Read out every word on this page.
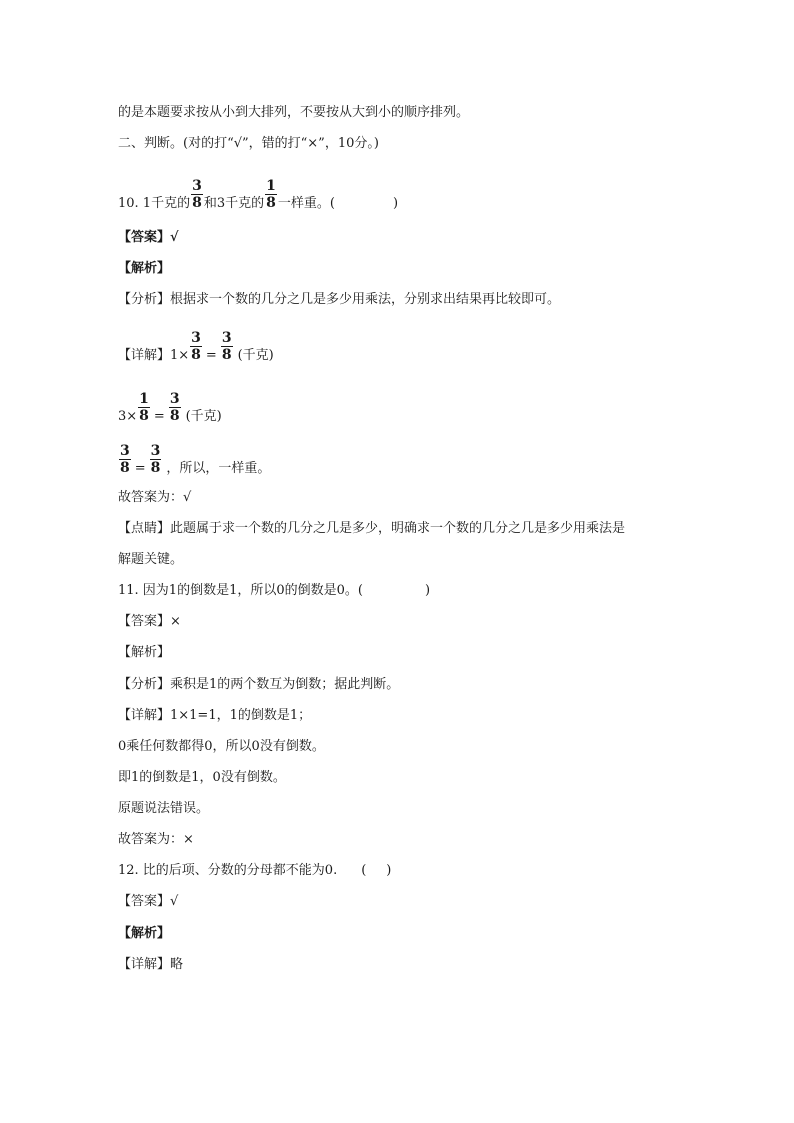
的是本题要求按从小到大排列，不要按从大到小的顺序排列。
二、判断。(对的打“√”，错的打“×”，10分。)
10. 1千克的 $\frac{3}{8}$ 和3千克的 $\frac{1}{8}$ 一样重。(	)
【答案】√
【解析】
【分析】根据求一个数的几分之几是多少用乘法，分别求出结果再比较即可。
【详解】$1\times \frac{3}{8} = \frac{3}{8}$ (千克)
$3\times \frac{1}{8} = \frac{3}{8}$ (千克)
$\frac{3}{8} = \frac{3}{8}$ ，所以，一样重。
故答案为：√
【点睛】此题属于求一个数的几分之几是多少，明确求一个数的几分之几是多少用乘法是
解题关键。
11. 因为1的倒数是1，所以0的倒数是0。(	)
【答案】×
【解析】
【分析】乘积是1的两个数互为倒数；据此判断。
【详解】1×1=1，1的倒数是1；
0乘任何数都得0，所以0没有倒数。
即1的倒数是1，0没有倒数。
原题说法错误。
故答案为：×
12. 比的后项、分数的分母都不能为0. ( )
【答案】√
【解析】
【详解】略
